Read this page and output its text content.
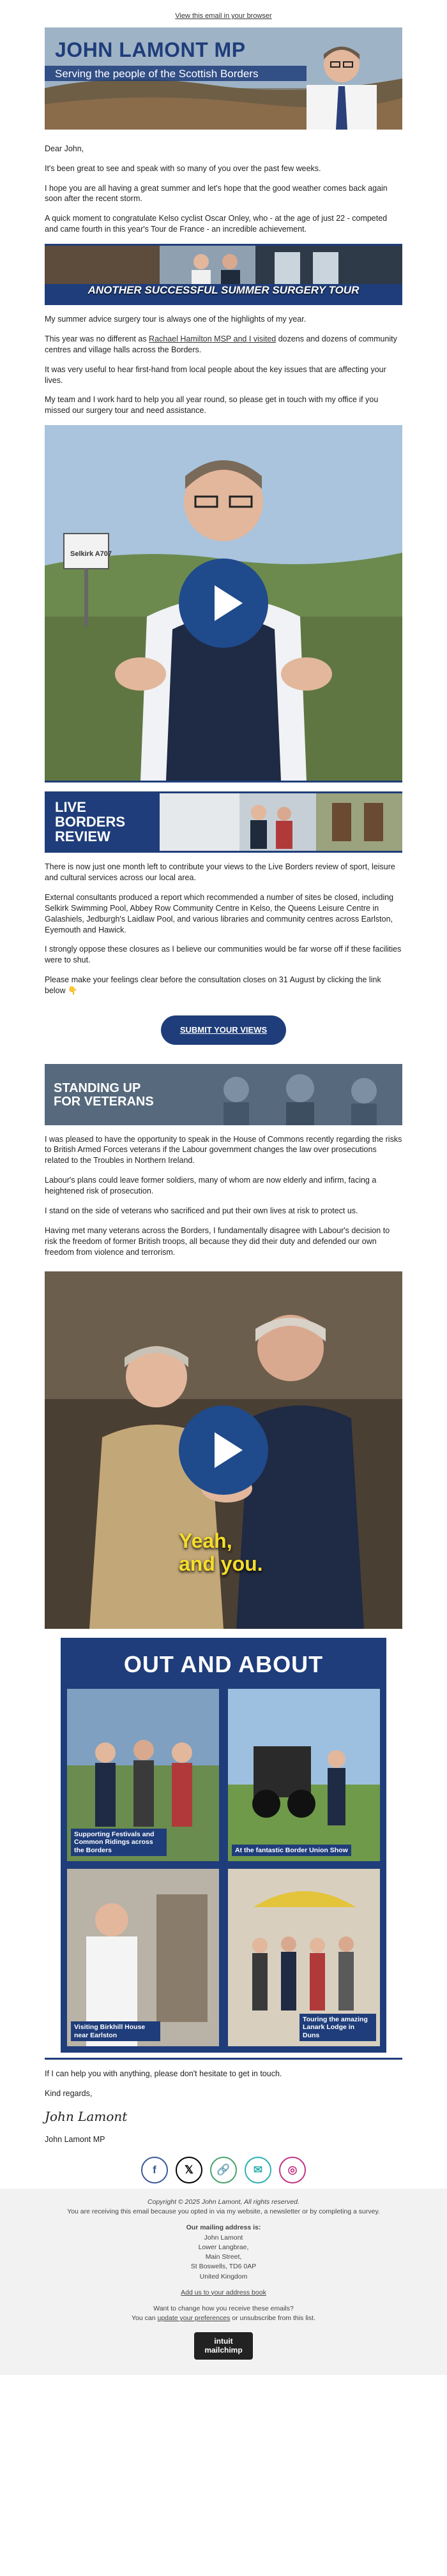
View this email in your browser
JOHN LAMONT MP
Serving the people of the Scottish Borders

Dear John,

It's been great to see and speak with so many of you over the past few weeks.

I hope you are all having a great summer and let's hope that the good weather comes back again soon after the recent storm.

A quick moment to congratulate Kelso cyclist Oscar Onley, who - at the age of just 22 - competed and came fourth in this year's Tour de France - an incredible achievement.

ANOTHER SUCCESSFUL SUMMER SURGERY TOUR

My summer advice surgery tour is always one of the highlights of my year.

This year was no different as Rachael Hamilton MSP and I visited dozens and dozens of community centres and village halls across the Borders.

It was very useful to hear first-hand from local people about the key issues that are affecting your lives.

My team and I work hard to help you all year round, so please get in touch with my office if you missed our surgery tour and need assistance.

Selkirk A707
LIVE
BORDERS
REVIEW

There is now just one month left to contribute your views to the Live Borders review of sport, leisure and cultural services across our local area.

External consultants produced a report which recommended a number of sites be closed, including Selkirk Swimming Pool, Abbey Row Community Centre in Kelso, the Queens Leisure Centre in Galashiels, Jedburgh's Laidlaw Pool, and various libraries and community centres across Earlston, Eyemouth and Hawick.

I strongly oppose these closures as I believe our communities would be far worse off if these facilities were to shut.

Please make your feelings clear before the consultation closes on 31 August by clicking the link below 👇

SUBMIT YOUR VIEWS
STANDING UP
FOR VETERANS

I was pleased to have the opportunity to speak in the House of Commons recently regarding the risks to British Armed Forces veterans if the Labour government changes the law over prosecutions related to the Troubles in Northern Ireland.

Labour's plans could leave former soldiers, many of whom are now elderly and infirm, facing a heightened risk of prosecution.

I stand on the side of veterans who sacrificed and put their own lives at risk to protect us.

Having met many veterans across the Borders, I fundamentally disagree with Labour's decision to risk the freedom of former British troops, all because they did their duty and defended our own freedom from violence and terrorism.

Yeah,
and you.
OUT AND ABOUT
Supporting Festivals and Common Ridings across the Borders	At the fantastic Border Union Show
Visiting Birkhill House near Earlston
Touring the amazing Lanark Lodge in Duns

If I can help you with anything, please don't hesitate to get in touch.

Kind regards,

John Lamont

John Lamont MP

f	𝕏 🔗 ✉ ◎
Copyright © 2025 John Lamont, All rights reserved.
You are receiving this email because you opted in via my website, a newsletter or by completing a survey.
Our mailing address is:
John Lamont
Lower Langbrae,
Main Street,
St Boswells, TD6 0AP
United Kingdom
Add us to your address book
Want to change how you receive these emails?
You can update your preferences or unsubscribe from this list.
intuit
mailchimp
